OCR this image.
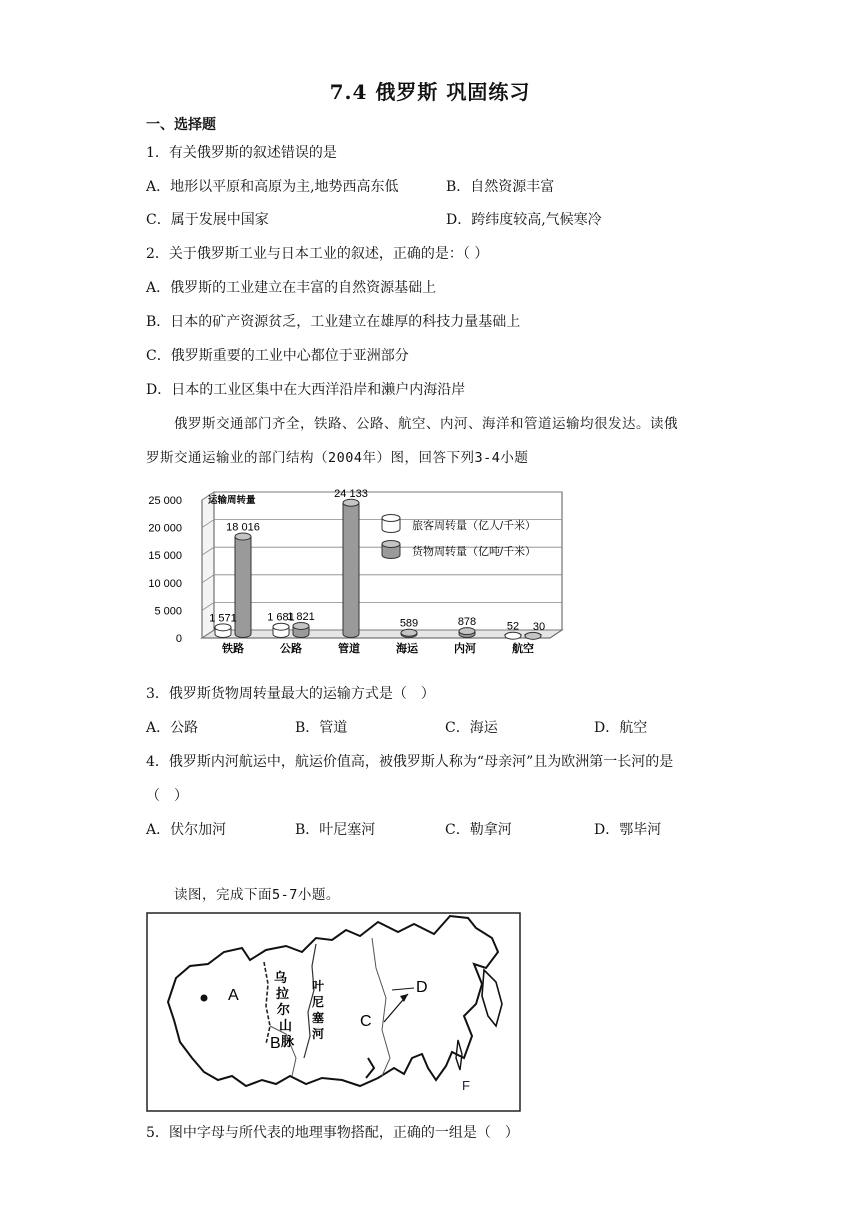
7.4 俄罗斯 巩固练习
一、选择题
1．有关俄罗斯的叙述错误的是
A．地形以平原和高原为主,地势西高东低	B．自然资源丰富
C．属于发展中国家	D．跨纬度较高,气候寒冷
2．关于俄罗斯工业与日本工业的叙述，正确的是：（ ）
A．俄罗斯的工业建立在丰富的自然资源基础上
B．日本的矿产资源贫乏，工业建立在雄厚的科技力量基础上
C．俄罗斯重要的工业中心都位于亚洲部分
D．日本的工业区集中在大西洋沿岸和濑户内海沿岸
俄罗斯交通部门齐全，铁路、公路、航空、内河、海洋和管道运输均很发达。读俄
罗斯交通运输业的部门结构（2004年）图，回答下列3-4小题
25 000
20 000
15 000
10 000
5 000
0
1 571
18 016
1 681
1 821
24 133
589	878	52 30
铁路	公路	管道	海运	内河	航空
运输周转量
旅客周转量（亿人/千米）
货物周转量（亿吨/千米）
3．俄罗斯货物周转量最大的运输方式是（　）
A．公路	B．管道	C．海运	D．航空
4．俄罗斯内河航运中，航运价值高，被俄罗斯人称为“母亲河”且为欧洲第一长河的是
（　）
A．伏尔加河	B．叶尼塞河	C．勒拿河	D．鄂毕河
读图，完成下面5-7小题。
A
B
C
D
F
乌
拉
尔
山
脉
叶
尼
塞
河
5．图中字母与所代表的地理事物搭配，正确的一组是（　）
